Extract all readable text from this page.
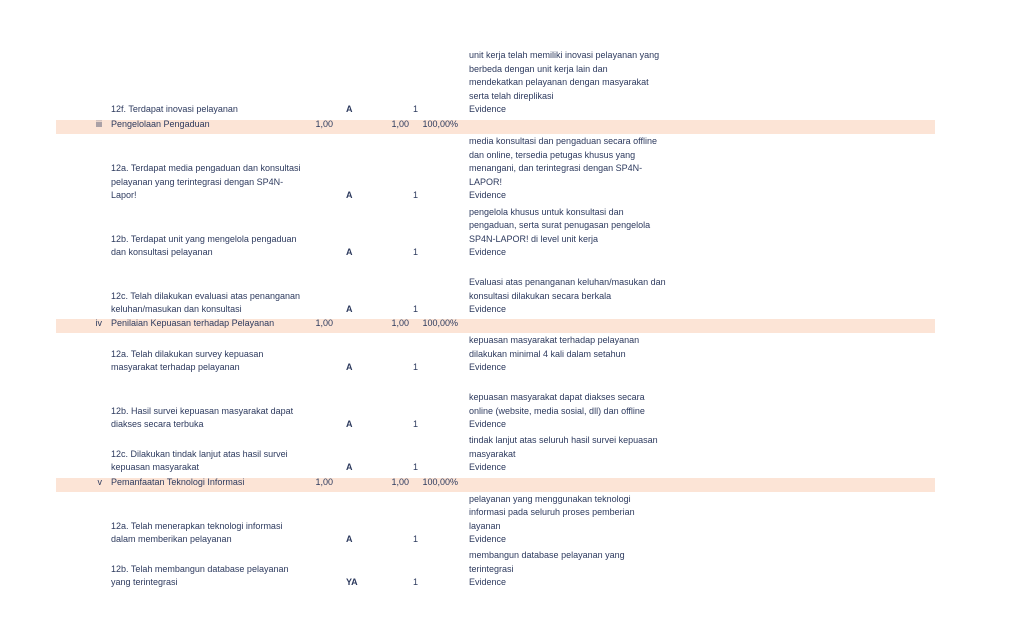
12f. Terdapat inovasi pelayanan	A	1
unit kerja telah memiliki inovasi pelayanan yang
berbeda dengan unit kerja lain dan
mendekatkan pelayanan dengan masyarakat
serta telah direplikasi
Evidence
iii Pengelolaan Pengaduan	1,00	1,00	100,00%
12a. Terdapat media pengaduan dan konsultasi
pelayanan yang terintegrasi dengan SP4N-
Lapor!	A	1
media konsultasi dan pengaduan secara offline
dan online, tersedia petugas khusus yang
menangani, dan terintegrasi dengan SP4N-
LAPOR!
Evidence
12b. Terdapat unit yang mengelola pengaduan
dan konsultasi pelayanan	A	1
pengelola khusus untuk konsultasi dan
pengaduan, serta surat penugasan pengelola
SP4N-LAPOR! di level unit kerja
Evidence
12c. Telah dilakukan evaluasi atas penanganan
keluhan/masukan dan konsultasi	A	1
Evaluasi atas penanganan keluhan/masukan dan
konsultasi dilakukan secara berkala
Evidence
iv Penilaian Kepuasan terhadap Pelayanan	1,00	1,00	100,00%
12a. Telah dilakukan survey kepuasan
masyarakat terhadap pelayanan	A	1
kepuasan masyarakat terhadap pelayanan
dilakukan minimal 4 kali dalam setahun
Evidence
12b. Hasil survei kepuasan masyarakat dapat
diakses secara terbuka	A	1
kepuasan masyarakat dapat diakses secara
online (website, media sosial, dll) dan offline
Evidence
12c. Dilakukan tindak lanjut atas hasil survei
kepuasan masyarakat	A	1
tindak lanjut atas seluruh hasil survei kepuasan
masyarakat
Evidence
v Pemanfaatan Teknologi Informasi	1,00	1,00	100,00%
12a. Telah menerapkan teknologi informasi
dalam memberikan pelayanan	A	1
pelayanan yang menggunakan teknologi
informasi pada seluruh proses pemberian
layanan
Evidence
12b. Telah membangun database pelayanan
yang terintegrasi	YA	1
membangun database pelayanan yang
terintegrasi
Evidence
